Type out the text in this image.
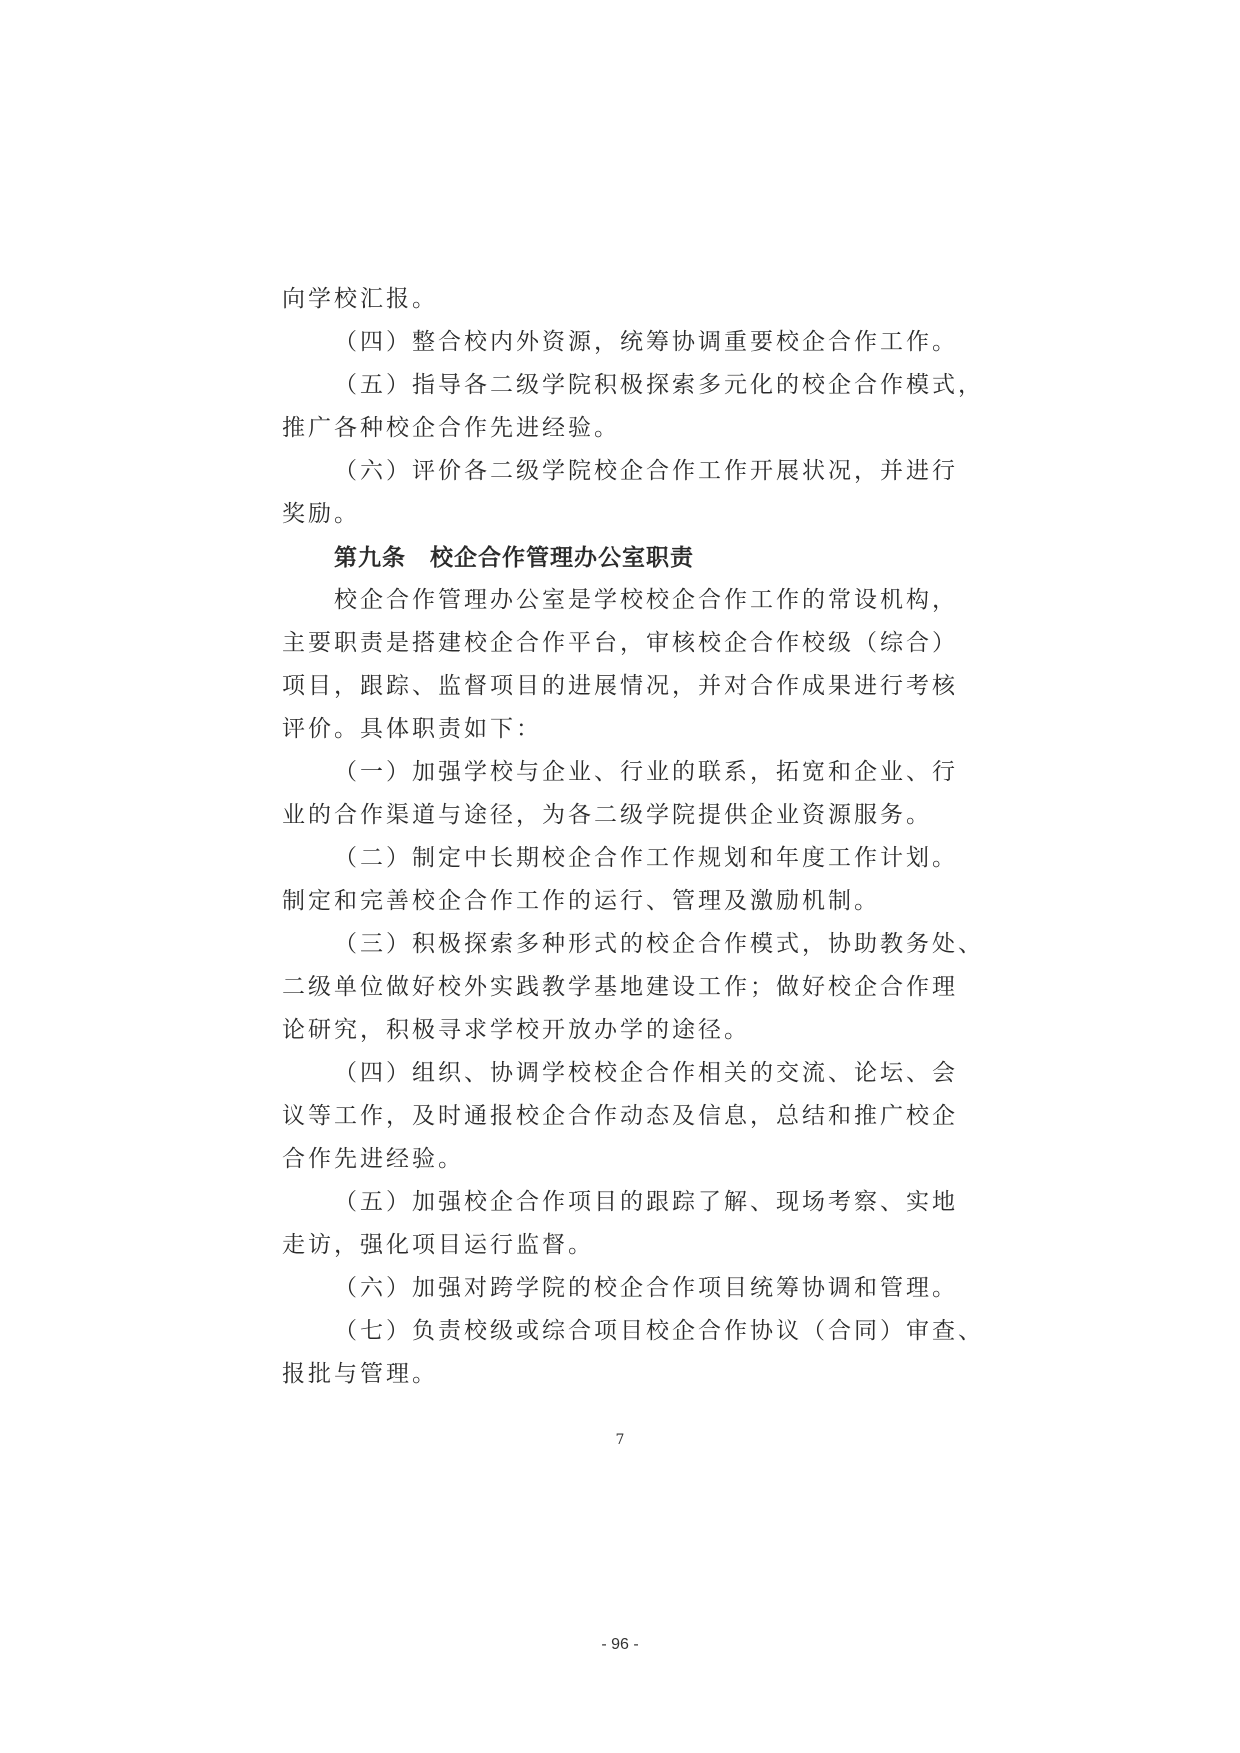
向学校汇报。
（四）整合校内外资源，统筹协调重要校企合作工作。
（五）指导各二级学院积极探索多元化的校企合作模式，
推广各种校企合作先进经验。
（六）评价各二级学院校企合作工作开展状况，并进行
奖励。
第九条　校企合作管理办公室职责
校企合作管理办公室是学校校企合作工作的常设机构，
主要职责是搭建校企合作平台，审核校企合作校级（综合）
项目，跟踪、监督项目的进展情况，并对合作成果进行考核
评价。具体职责如下：
（一）加强学校与企业、行业的联系，拓宽和企业、行
业的合作渠道与途径，为各二级学院提供企业资源服务。
（二）制定中长期校企合作工作规划和年度工作计划。
制定和完善校企合作工作的运行、管理及激励机制。
（三）积极探索多种形式的校企合作模式，协助教务处、
二级单位做好校外实践教学基地建设工作；做好校企合作理
论研究，积极寻求学校开放办学的途径。
（四）组织、协调学校校企合作相关的交流、论坛、会
议等工作，及时通报校企合作动态及信息，总结和推广校企
合作先进经验。
（五）加强校企合作项目的跟踪了解、现场考察、实地
走访，强化项目运行监督。
（六）加强对跨学院的校企合作项目统筹协调和管理。
（七）负责校级或综合项目校企合作协议（合同）审查、
报批与管理。
7
- 96 -
